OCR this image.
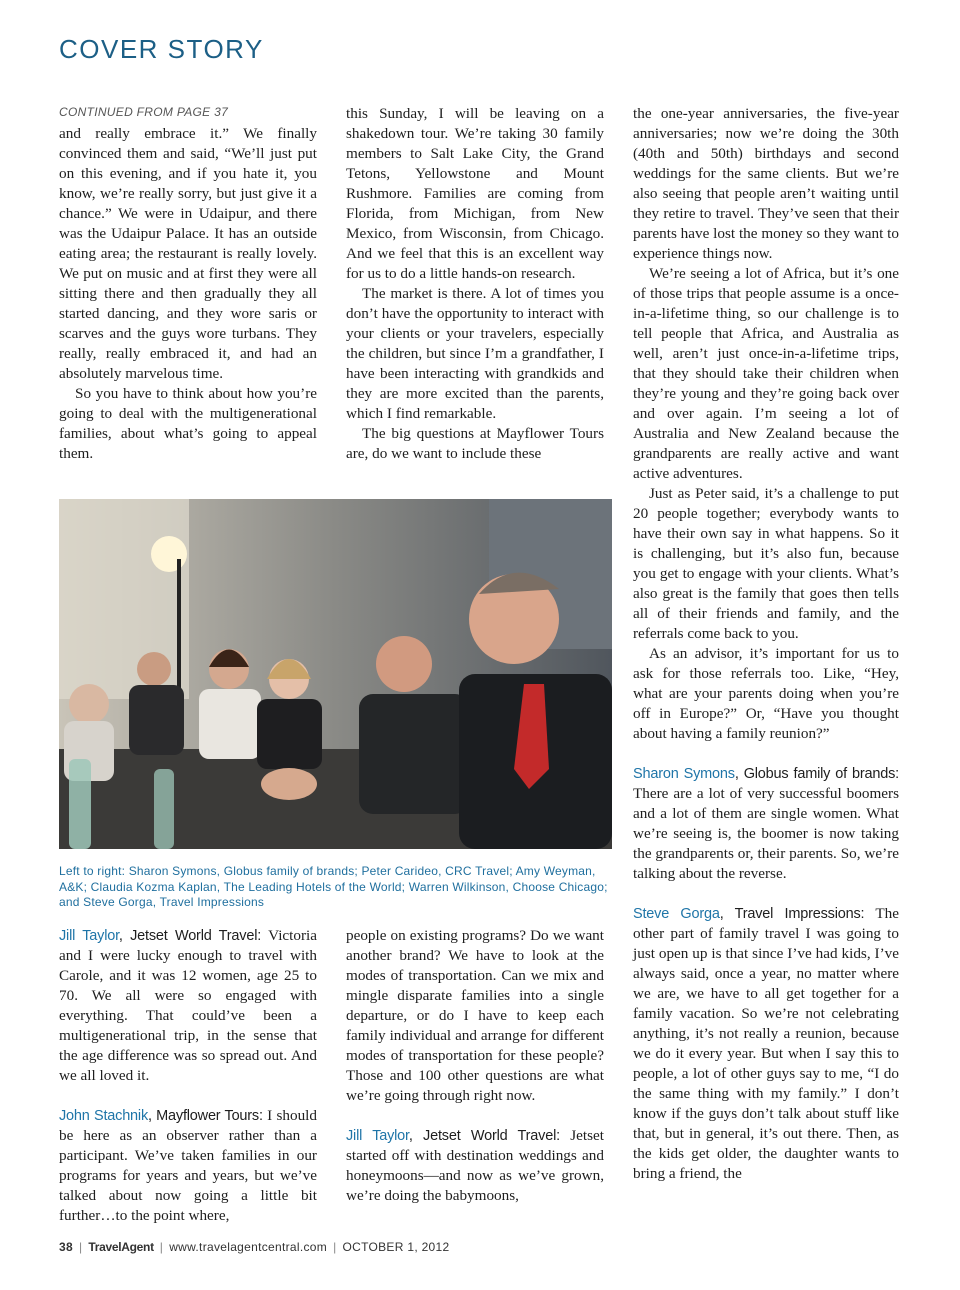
COVER STORY
CONTINUED FROM PAGE 37

and really embrace it.” We finally convinced them and said, “We’ll just put on this evening, and if you hate it, you know, we’re really sorry, but just give it a chance.” We were in Udaipur, and there was the Udaipur Palace. It has an outside eating area; the restaurant is really lovely. We put on music and at first they were all sitting there and then gradually they all started dancing, and they wore saris or scarves and the guys wore turbans. They really, really embraced it, and had an absolutely marvelous time.

So you have to think about how you’re going to deal with the multigenerational families, about what’s going to appeal them.

this Sunday, I will be leaving on a shakedown tour. We’re taking 30 family members to Salt Lake City, the Grand Tetons, Yellowstone and Mount Rushmore. Families are coming from Florida, from Michigan, from New Mexico, from Wisconsin, from Chicago. And we feel that this is an excellent way for us to do a little hands-on research.

The market is there. A lot of times you don’t have the opportunity to interact with your clients or your travelers, especially the children, but since I’m a grandfather, I have been interacting with grandkids and they are more excited than the parents, which I find remarkable.

The big questions at Mayflower Tours are, do we want to include these

the one-year anniversaries, the five-year anniversaries; now we’re doing the 30th (40th and 50th) birthdays and second weddings for the same clients. But we’re also seeing that people aren’t waiting until they retire to travel. They’ve seen that their parents have lost the money so they want to experience things now.

We’re seeing a lot of Africa, but it’s one of those trips that people assume is a once-in-a-lifetime thing, so our challenge is to tell people that Africa, and Australia as well, aren’t just once-in-a-lifetime trips, that they should take their children when they’re young and they’re going back over and over again. I’m seeing a lot of Australia and New Zealand because the grandparents are really active and want active adventures.

Just as Peter said, it’s a challenge to put 20 people together; everybody wants to have their own say in what happens. So it is challenging, but it’s also fun, because you get to engage with your clients. What’s also great is the family that goes then tells all of their friends and family, and the referrals come back to you.

As an advisor, it’s important for us to ask for those referrals too. Like, “Hey, what are your parents doing when you’re off in Europe?” Or, “Have you thought about having a family reunion?”

Sharon Symons, Globus family of brands: There are a lot of very successful boomers and a lot of them are single women. What we’re seeing is, the boomer is now taking the grandparents or, their parents. So, we’re talking about the reverse.

Steve Gorga, Travel Impressions: The other part of family travel I was going to just open up is that since I’ve had kids, I’ve always said, once a year, no matter where we are, we have to all get together for a family vacation. So we’re not celebrating anything, it’s not really a reunion, because we do it every year. But when I say this to people, a lot of other guys say to me, “I do the same thing with my family.” I don’t know if the guys don’t talk about stuff like that, but in general, it’s out there. Then, as the kids get older, the daughter wants to bring a friend, the

Left to right: Sharon Symons, Globus family of brands; Peter Carideo, CRC Travel; Amy Weyman, A&K; Claudia Kozma Kaplan, The Leading Hotels of the World; Warren Wilkinson, Choose Chicago; and Steve Gorga, Travel Impressions

Jill Taylor, Jetset World Travel: Victoria and I were lucky enough to travel with Carole, and it was 12 women, age 25 to 70. We all were so engaged with everything. That could’ve been a multigenerational trip, in the sense that the age difference was so spread out. And we all loved it.

John Stachnik, Mayflower Tours: I should be here as an observer rather than a participant. We’ve taken families in our programs for years and years, but we’ve talked about now going a little bit further…to the point where,

people on existing programs? Do we want another brand? We have to look at the modes of transportation. Can we mix and mingle disparate families into a single departure, or do I have to keep each family individual and arrange for different modes of transportation for these people? Those and 100 other questions are what we’re going through right now.

Jill Taylor, Jetset World Travel: Jetset started off with destination weddings and honeymoons—and now as we’ve grown, we’re doing the babymoons,

38 | TravelAgent | www.travelagentcentral.com | OCTOBER 1, 2012
